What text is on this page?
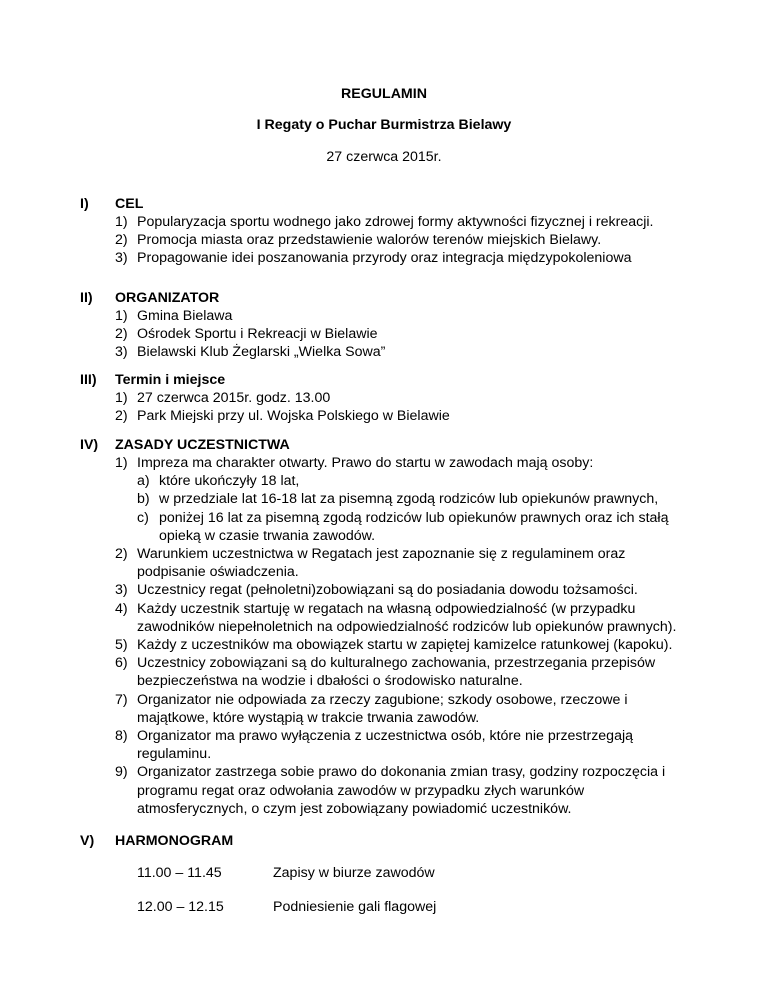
REGULAMIN
I Regaty o Puchar Burmistrza Bielawy
27 czerwca 2015r.
I)	CEL
1) Popularyzacja sportu wodnego jako zdrowej formy aktywności fizycznej i rekreacji.
2) Promocja miasta oraz przedstawienie walorów terenów miejskich Bielawy.
3) Propagowanie idei poszanowania przyrody oraz integracja międzypokoleniowa
II)	ORGANIZATOR
1) Gmina Bielawa
2) Ośrodek Sportu i Rekreacji w Bielawie
3) Bielawski Klub Żeglarski „Wielka Sowa”
III)	Termin i miejsce
1) 27 czerwca 2015r. godz. 13.00
2) Park Miejski przy ul. Wojska Polskiego w Bielawie
IV)	ZASADY UCZESTNICTWA
1) Impreza ma charakter otwarty. Prawo do startu w zawodach mają osoby:
a) które ukończyły 18 lat,
b) w przedziale lat 16-18 lat za pisemną zgodą rodziców lub opiekunów prawnych,
c) poniżej 16 lat za pisemną zgodą rodziców lub opiekunów prawnych oraz ich stałą opieką w czasie trwania zawodów.
2) Warunkiem uczestnictwa w Regatach jest zapoznanie się z regulaminem oraz podpisanie oświadczenia.
3) Uczestnicy regat (pełnoletni)zobowiązani są do posiadania dowodu tożsamości.
4) Każdy uczestnik startuję w regatach na własną odpowiedzialność (w przypadku zawodników niepełnoletnich na odpowiedzialność rodziców lub opiekunów prawnych).
5) Każdy z uczestników ma obowiązek startu w zapiętej kamizelce ratunkowej (kapoku).
6) Uczestnicy zobowiązani są do kulturalnego zachowania, przestrzegania przepisów bezpieczeństwa na wodzie i dbałości o środowisko naturalne.
7) Organizator nie odpowiada za rzeczy zagubione; szkody osobowe, rzeczowe i majątkowe, które wystąpią w trakcie trwania zawodów.
8) Organizator ma prawo wyłączenia z uczestnictwa osób, które nie przestrzegają regulaminu.
9) Organizator zastrzega sobie prawo do dokonania zmian trasy, godziny rozpoczęcia i programu regat oraz odwołania zawodów w przypadku złych warunków atmosferycznych, o czym jest zobowiązany powiadomić uczestników.
V)	HARMONOGRAM
11.00 – 11.45	Zapisy w biurze zawodów
12.00 – 12.15	Podniesienie gali flagowej
